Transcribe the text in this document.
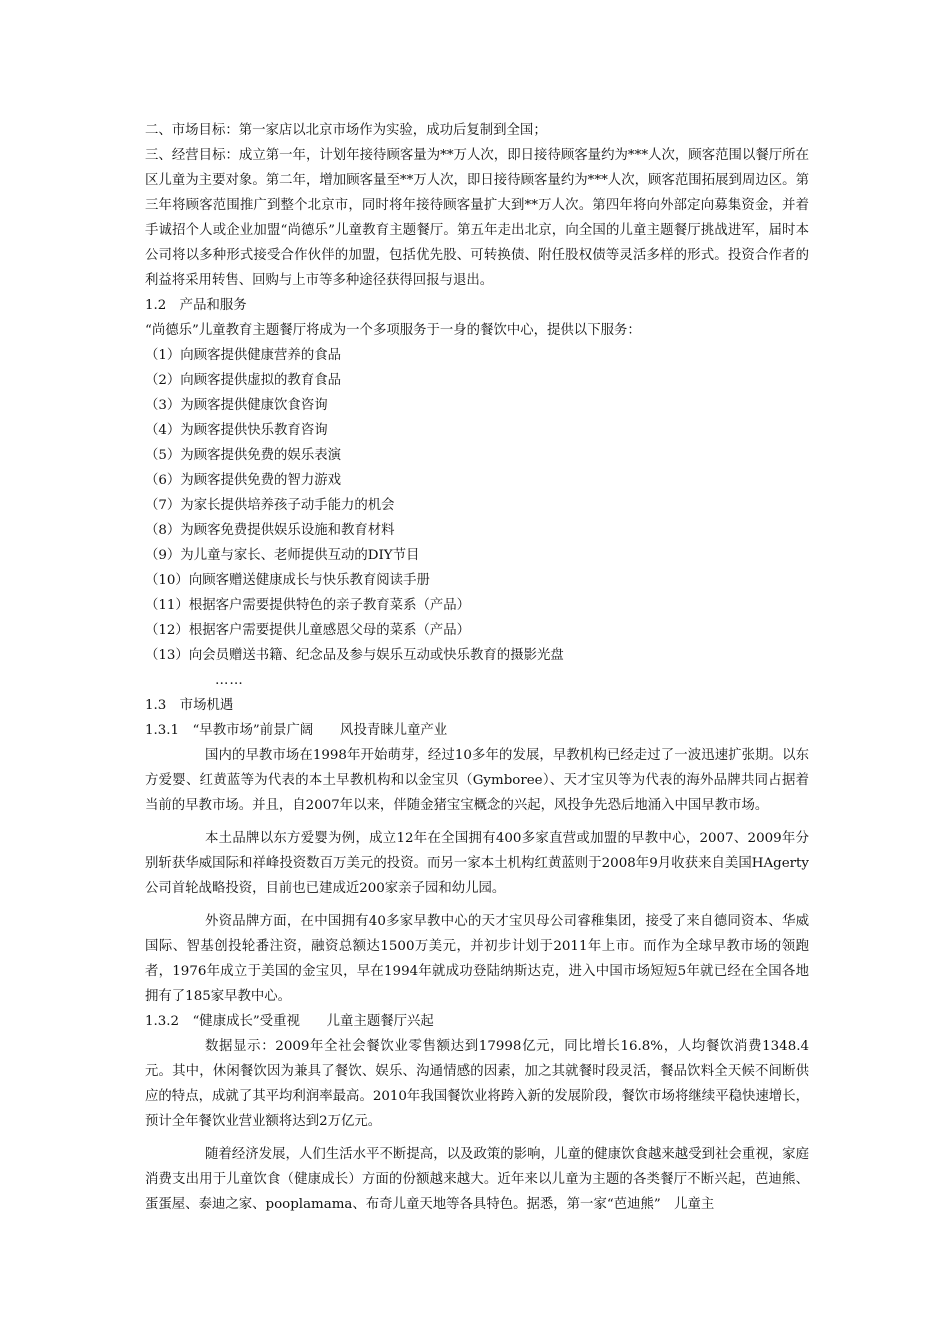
二、市场目标：第一家店以北京市场作为实验，成功后复制到全国；

三、经营目标：成立第一年，计划年接待顾客量为**万人次，即日接待顾客量约为***人次，顾客范围以餐厅所在区儿童为主要对象。第二年，增加顾客量至**万人次，即日接待顾客量约为***人次，顾客范围拓展到周边区。第三年将顾客范围推广到整个北京市，同时将年接待顾客量扩大到**万人次。第四年将向外部定向募集资金，并着手诚招个人或企业加盟“尚德乐”儿童教育主题餐厅。第五年走出北京，向全国的儿童主题餐厅挑战进军，届时本公司将以多种形式接受合作伙伴的加盟，包括优先股、可转换债、附任股权债等灵活多样的形式。投资合作者的利益将采用转售、回购与上市等多种途径获得回报与退出。

1.2　产品和服务

“尚德乐”儿童教育主题餐厅将成为一个多项服务于一身的餐饮中心，提供以下服务：

（1）向顾客提供健康营养的食品

（2）向顾客提供虚拟的教育食品

（3）为顾客提供健康饮食咨询

（4）为顾客提供快乐教育咨询

（5）为顾客提供免费的娱乐表演

（6）为顾客提供免费的智力游戏

（7）为家长提供培养孩子动手能力的机会

（8）为顾客免费提供娱乐设施和教育材料

（9）为儿童与家长、老师提供互动的DIY节目

（10）向顾客赠送健康成长与快乐教育阅读手册

（11）根据客户需要提供特色的亲子教育菜系（产品）

（12）根据客户需要提供儿童感恩父母的菜系（产品）

（13）向会员赠送书籍、纪念品及参与娱乐互动或快乐教育的摄影光盘

……

1.3　市场机遇

1.3.1　“早教市场”前景广阔　　风投青睐儿童产业

国内的早教市场在1998年开始萌芽，经过10多年的发展，早教机构已经走过了一波迅速扩张期。以东方爱婴、红黄蓝等为代表的本土早教机构和以金宝贝（Gymboree）、天才宝贝等为代表的海外品牌共同占据着当前的早教市场。并且，自2007年以来，伴随金猪宝宝概念的兴起，风投争先恐后地涌入中国早教市场。

本土品牌以东方爱婴为例，成立12年在全国拥有400多家直营或加盟的早教中心，2007、2009年分别斩获华威国际和祥峰投资数百万美元的投资。而另一家本土机构红黄蓝则于2008年9月收获来自美国HAgerty公司首轮战略投资，目前也已建成近200家亲子园和幼儿园。

外资品牌方面，在中国拥有40多家早教中心的天才宝贝母公司睿稚集团，接受了来自德同资本、华威国际、智基创投轮番注资，融资总额达1500万美元，并初步计划于2011年上市。而作为全球早教市场的领跑者，1976年成立于美国的金宝贝，早在1994年就成功登陆纳斯达克，进入中国市场短短5年就已经在全国各地拥有了185家早教中心。

1.3.2　“健康成长”受重视　　儿童主题餐厅兴起

数据显示：2009年全社会餐饮业零售额达到17998亿元，同比增长16.8%，人均餐饮消费1348.4元。其中，休闲餐饮因为兼具了餐饮、娱乐、沟通情感的因素，加之其就餐时段灵活，餐品饮料全天候不间断供应的特点，成就了其平均利润率最高。2010年我国餐饮业将跨入新的发展阶段，餐饮市场将继续平稳快速增长，预计全年餐饮业营业额将达到2万亿元。

随着经济发展，人们生活水平不断提高，以及政策的影响，儿童的健康饮食越来越受到社会重视，家庭消费支出用于儿童饮食（健康成长）方面的份额越来越大。近年来以儿童为主题的各类餐厅不断兴起，芭迪熊、蛋蛋屋、泰迪之家、pooplamama、布奇儿童天地等各具特色。据悉，第一家“芭迪熊”　儿童主
